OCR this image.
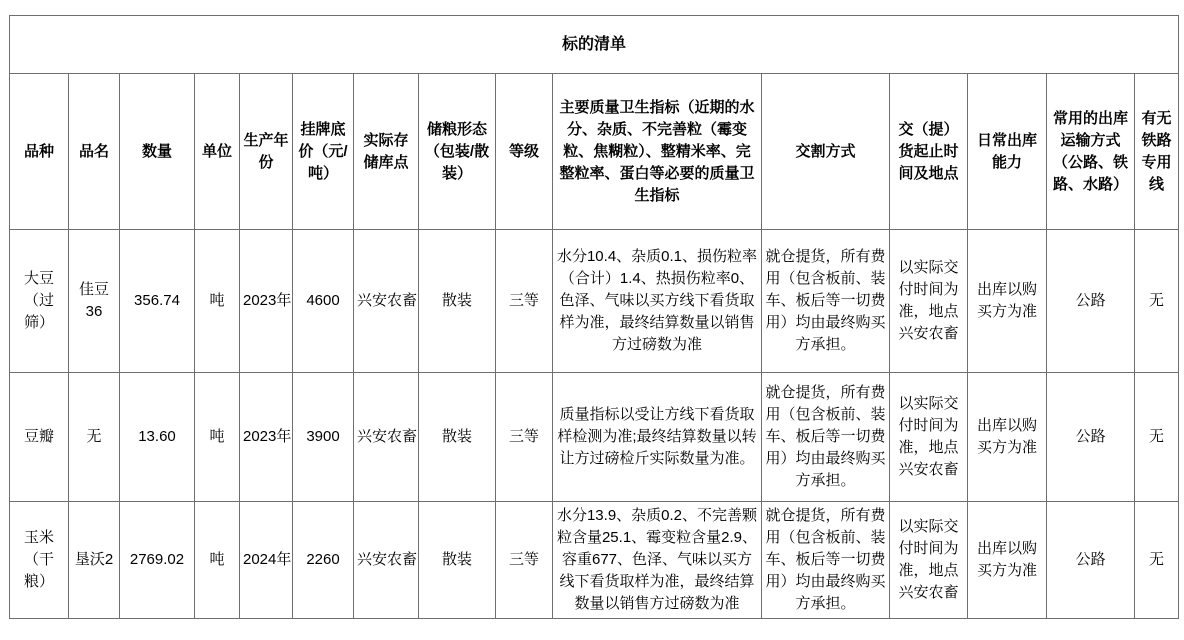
标的清单														
品种	品名	数量	单位	生产年份	挂牌底价（元/吨）	实际存储库点	储粮形态（包装/散装）	等级	主要质量卫生指标（近期的水分、杂质、不完善粒（霉变粒、焦糊粒）、整精米率、完整粒率、蛋白等必要的质量卫生指标	交割方式	交（提）货起止时间及地点	日常出库能力	常用的出库运输方式（公路、铁路、水路）	有无铁路专用线
大豆（过筛）	佳豆36	356.74	吨	2023年	4600	兴安农畜	散装	三等	水分10.4、杂质0.1、损伤粒率（合计）1.4、热损伤粒率0、色泽、气味以买方线下看货取样为准，最终结算数量以销售方过磅数为准	就仓提货，所有费用（包含板前、装车、板后等一切费用）均由最终购买方承担。	以实际交付时间为准，地点兴安农畜	出库以购买方为准	公路	无
豆瓣	无	13.60	吨	2023年	3900	兴安农畜	散装	三等	质量指标以受让方线下看货取样检测为准;最终结算数量以转让方过磅检斤实际数量为准。	就仓提货，所有费用（包含板前、装车、板后等一切费用）均由最终购买方承担。	以实际交付时间为准，地点兴安农畜	出库以购买方为准	公路	无
玉米（干粮）	垦沃2	2769.02	吨	2024年	2260	兴安农畜	散装	三等	水分13.9、杂质0.2、不完善颗粒含量25.1、霉变粒含量2.9、容重677、色泽、气味以买方线下看货取样为准，最终结算数量以销售方过磅数为准	就仓提货，所有费用（包含板前、装车、板后等一切费用）均由最终购买方承担。	以实际交付时间为准，地点兴安农畜	出库以购买方为准	公路	无
